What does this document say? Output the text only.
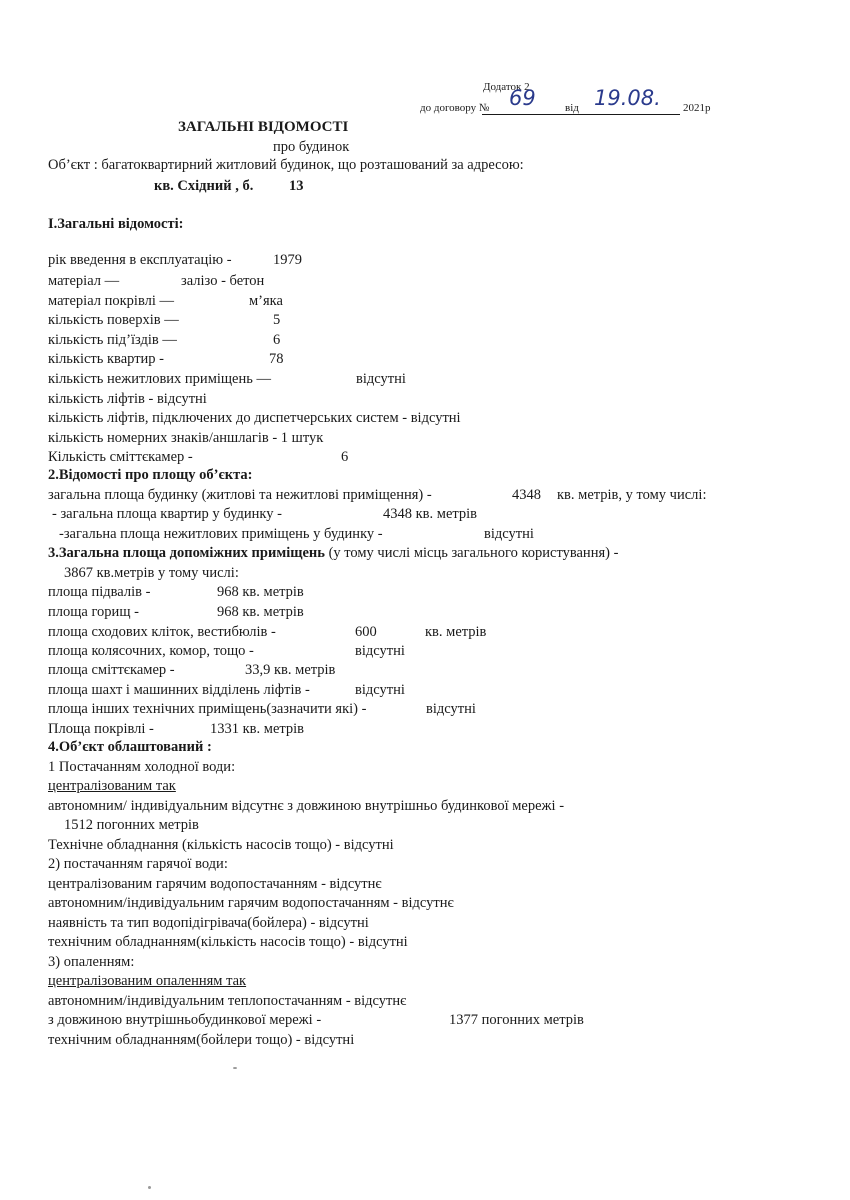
Додаток 2
до договору № 69	від 19.08. 2021р
ЗАГАЛЬНІ ВІДОМОСТІ
про будинок
Об’єкт : багатоквартирний житловий будинок, що розташований за адресою:
кв. Східний , б. 13
I.Загальні відомості:
рік введення в експлуатацію -	1979
матеріал —	залізо - бетон
матеріал покрівлі —	м’яка
кількість поверхів —	5
кількість під’їздів —	6
кількість квартир -	78
кількість нежитлових приміщень —	відсутні
кількість ліфтів - відсутні
кількість ліфтів, підключених до диспетчерських систем - відсутні
кількість номерних знаків/аншлагів - 1 штук
Кількість сміттєкамер -	6
2.Відомості про площу об’єкта:
загальна площа будинку (житлові та нежитлові приміщення) -	4348 кв. метрів, у тому числі:
- загальна площа квартир у будинку -	4348 кв. метрів
-загальна площа нежитлових приміщень у будинку -	відсутні
3.Загальна площа допоміжних приміщень (у тому числі місць загального користування) -
3867 кв.метрів у тому числі:
площа підвалів -	968 кв. метрів
площа горищ -	968 кв. метрів
площа сходових кліток, вестибюлів -	600	кв. метрів
площа колясочних, комор, тощо -	відсутні
площа сміттєкамер -	33,9 кв. метрів
площа шахт і машинних відділень ліфтів -	відсутні
площа інших технічних приміщень(зазначити які) -	відсутні
Площа покрівлі -	1331 кв. метрів
4.Об’єкт облаштований :
1 Постачанням холодної води:
централізованим так
автономним/ індивідуальним відсутнє з довжиною внутрішньо будинкової мережі -
1512 погонних метрів
Технічне обладнання (кількість насосів тощо) - відсутні
2) постачанням гарячої води:
централізованим гарячим водопостачанням - відсутнє
автономним/індивідуальним гарячим водопостачанням - відсутнє
наявність та тип водопідігрівача(бойлера) - відсутні
технічним обладнанням(кількість насосів тощо) - відсутні
3) опаленням:
централізованим опаленням так
автономним/індивідуальним теплопостачанням - відсутнє
з довжиною внутрішньобудинкової мережі -	1377 погонних метрів
технічним обладнанням(бойлери тощо) - відсутні
